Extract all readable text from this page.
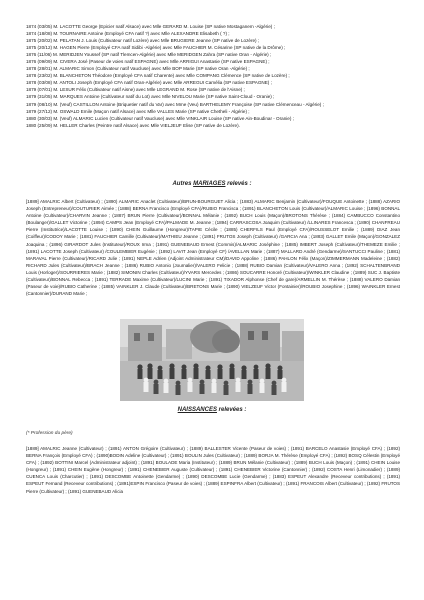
1874 (03/05) M. LACOTTE George (Epicier natif Alsace) avec Mlle GERARD M. Louise (SP native Mostaganem -Algérie) ;
1874 (18/08) M. TOURNAIRE Antoine (Employé CFA natif ?) avec Mlle ALEXANDRE Elisabeth ( ?) ;
1875 (20/02) M. PELATAN J. Louis (Cultivateur natif Lozère) avec Mlle BRUGIERE Jeanne (SP native de Lozère) ;
1875 (20/12) M. HAGEN Pierre (Employé CFA natif Sidibi -Algérie) avec Mlle FAUCHIER M. Césarine (SP native de la Drôme) ;
1876 (11/06) M. MERIDJEN Youssef (SP natif Tlemcen-Algérie) avec Mlle MERIDGEN Zahra (SP native Oran - Algérie) ;
1876 (09/09) M. CIVERA José (Paseur de voies natif ESPAGNE) avec Mlle ARRIGUI Anastasie (SP native ESPAGNE) ;
1878 (28/01) M. ALMARIC Simon (Cultivateur natif Vaucluse) avec Mlle BOP Marie (SP native Oran -Algérie) ;
1878 (23/02) M. BLANCHETON Théodore (Employé CFA natif Charente) avec Mlle COMPANG Clémence (SP native de Lozère) ;
1878 (03/08) M. ANTOLI Joseph (Employé CFA natif Oran-Algérie) avec Mlle ARREGUI Camélia (SP native ESPAGNE) ;
1879 (07/01) M. LESUR Félix (Cultivateur natif Aisne) avec Mlle LEGRAND M. Rose (SP native de l'Aisne) ;
1879 (31/05) M. MARQUES Antoine (Cultivateur natif du Lot) avec Mlle NIVELOU Marie (SP native Saint-Cloud - Oranie) ;
1879 (08/10) M. (Veuf) CASTILLON Antoine (Briquetier natif du Var) avec Mme (Veu) BARTHELEMY Françoise (SP native Clémenceau - Algérie) ;
1879 (27/12) M. OSWALD Emile (Maçon natif Alsace) avec Mlle VALLES Marie (SP native Chetheli - Algérie) ;
1880 (30/03) M. (Veuf) ALMARIC Lucien (Cultivateur natif Vaucluse) avec Mlle VINKLAIR Louise (SP native Ain-Boudinar - Oranie) ;
1880 (25/09) M. HELLER Charles (Peintre natif Alsace) avec Mlle VIELJEUF Elise (SP native de Lozère).
Autres MARIAGES relevés :
[1889] AMALRIC Albert (Cultivateur) ; (1890) ALMARIC Anaclet (Cultivateur)/BRUN-BOURGUET Alicia ; (1883) ALMARIC Benjamin (Cultivateur)/FOUQUE Antoinette ; (1888) AZARIO Joseph (Entrepreneur)/COUTURIER Aimée ; (1888) BERNA Francisco (Employé CFA)/RUBIO Francisca ; (1891) BLANCHETON Louis (Cultivateur)/ALMARIC Louise ; (1896) BONNAL Antoine (Cultivateur)/CHARVIN Jeanne ; (1887) BRUN Pierre (Cultivateur)/BONNAL Mélanie ; (1892) BUCH Louis (Maçon)/BROTONS Thérèse ; (1884) CAMBUCCO Constantino (Boulanger)/GALLET Victorine ; (1894) CAMPS Jean (Employé CFA)/PALMADE M. Jeanne ; (1894) CARRASCOSA Joaquim (Cultivateur) /LLINARES Francesca ; (1890) CHANFREAU Pierre (Institutrice)/LACOTTE Louise ; (1890) CHEIN Guillaume (Hongreur)/TAPIE Cécile ; (1885) CHERFILS Paul (Employé CFA)/ROUSSELOT Emilie ; (1889) DIAZ Jean (Coiffeur)/CODOY Marie ; (1881) FAUCHIER Camille (Cultivateur)/MATHIEU Jeanne ; (1891) FRUTOS Joseph (Cultivateur) /GARCIA Ana ; (1883) GALLET Emile (Maçon)/GONZALEZ Joaquina ; (1896) GIRARDOT Jules (Instituteur)/ROUX Irma ; (1891) GUENEBAUD Ernest (Commis)/ALMARIC Joséphine ; (1885) IMBERT Joseph (Cultivateur)/THEMEZE Emilie ; (1891) LACOTTE Joseph (Cultivateur) /COULEMBIER Eugénie ; (1892) LAVIT Jean (Employé CF) /AVELLAN Marie ; (1887) MALLARD André (Gendarme)/SANTUCCI Pauline ; (1881) MARAVAL Pierre (Cultivateur)/RICARD Julie ; (1891) NEPLE Adrien (Adjoint Administrateur CM)/DAVID Appoline ; (1886) PAHLON Félix (Maçon)/ZIMMERMANN Madeleine ; (1882) RICHARD Jules (Cultivateur)/BRACH Jeanne ; (1886) RUBIO Antonio (Journalier)/VALERO Felicie ; (1888) RUBIO Damian (Cultivateur)/VALERO Anna ; (1892) SCHALTENBRAND Louis (Horloger)/SOURRIERES Marie ; (1882) SIMONIN Charles (Cultivateur)/YVARS Mercedes ; (1886) SOUCARRE Honoré (Cultivateur)/WINKLER Claudine ; (1889) SUC J. Baptiste (Cultivateur)/BONNAL Rebecca ; (1891) TERRADE Maxime (Cultivateur)/LUCINI Marie ; (1891) TIXADOR Alphonse (Chef de gare)/ARMELLIN M. Thérèse ; (1888) VALERO Damian (Paseur de voie)/RUBIO Catherine ; (1885) VAINKLER J. Claude (Cultivateur)/BRETONS Marie ; (1890) VIELZEUF Victor (Fontainier)/ROUBIO Josephine ; (1896) WAINKLER Ernest (Cantonnier)/DURAND Marie ;
NAISSANCES relevées :
(* Profession du père)
[1889] AMALRIC Jeanne (Cultivateur) ; (1891) ANTON Grégoire (Cultivateur) ; (1889) BALLESTER Vicente (Paseur de voies) ; (1891) BARCELO Anastasie (Employé CFA) ; (1892) BERNA François (Employé CFA) ; (1890)BODIN Adeline (Cultivateur) ; (1891) BOULIN Jules (Cultivateur) ; (1889) BORJA M. Thérèse (Employé CFA) ; (1892) BOSQ Célestin (Employé CFA) ; (1892) BOTTINI Marcel (Administrateur adjoint) ; (1891) BOULADE Maria (Instituteur) ; (1889) BRUN Mélanie (Cultivateur) ; (1889) BUCH Louis (Maçon) ; (1891) CHEIN Louise (Hongreur) ; (1891) CHEIN Eugène (Hongreur) ; (1891) CHENEBIER Auguste (Cultivateur) ; (1891) CHENEBIER Victorine (Cantonnier) ; (1892) COSTA Henri (Limonadier) ; (1889) CUENCA Louis (Charcutier) ; (1891) DESCOMBE Antoinette (Gendarme) ; (1890) DESCOMBE Lucie (Gendarme) ; (1883) ESPEUT Alexandre (Receveur contributions) ; (1891) ESPEUT Fernand (Receveur contributions) ; (1891)ESPIN Francisco (Paseur de voies) ; (1889) ESPINFRA Albert (Cultivateur) ; (1891) FRANCOIS Albert (Cultivateur) ; (1892) FRUTOS Pierre (Cultivateur) ; (1891) GUENEBAUD Alicia
